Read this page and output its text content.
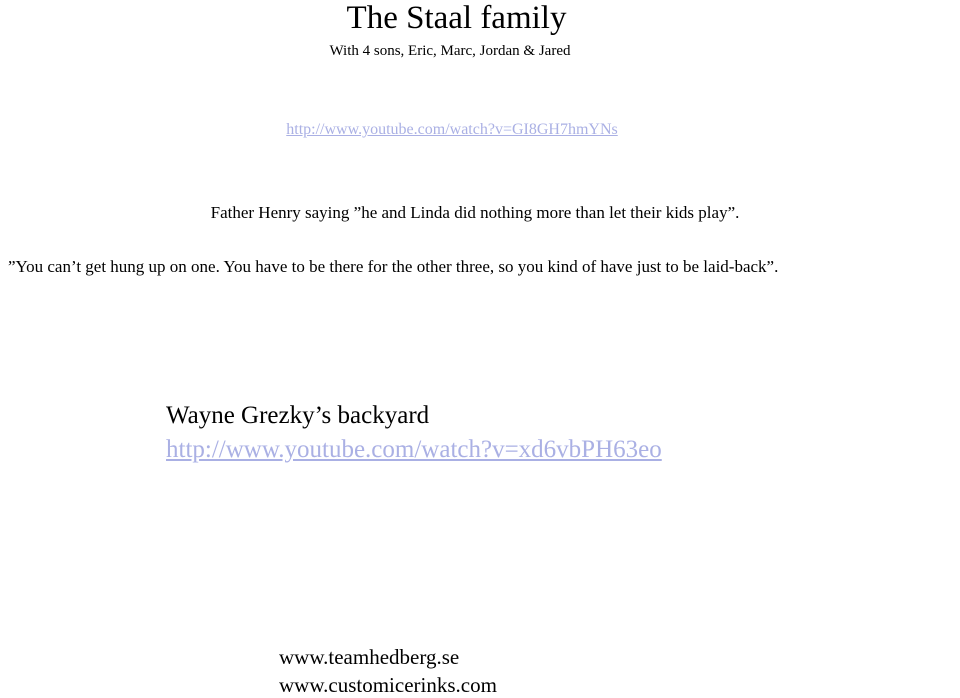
The Staal family
With 4 sons, Eric, Marc, Jordan & Jared
http://www.youtube.com/watch?v=GI8GH7hmYNs
Father Henry saying ”he and Linda did nothing more than let their kids play”.
”You can’t get hung up on one. You have to be there for the other three, so you kind of have just to be laid-back”.
Wayne Grezky’s backyard
http://www.youtube.com/watch?v=xd6vbPH63eo
www.teamhedberg.se
www.customicerinks.com
